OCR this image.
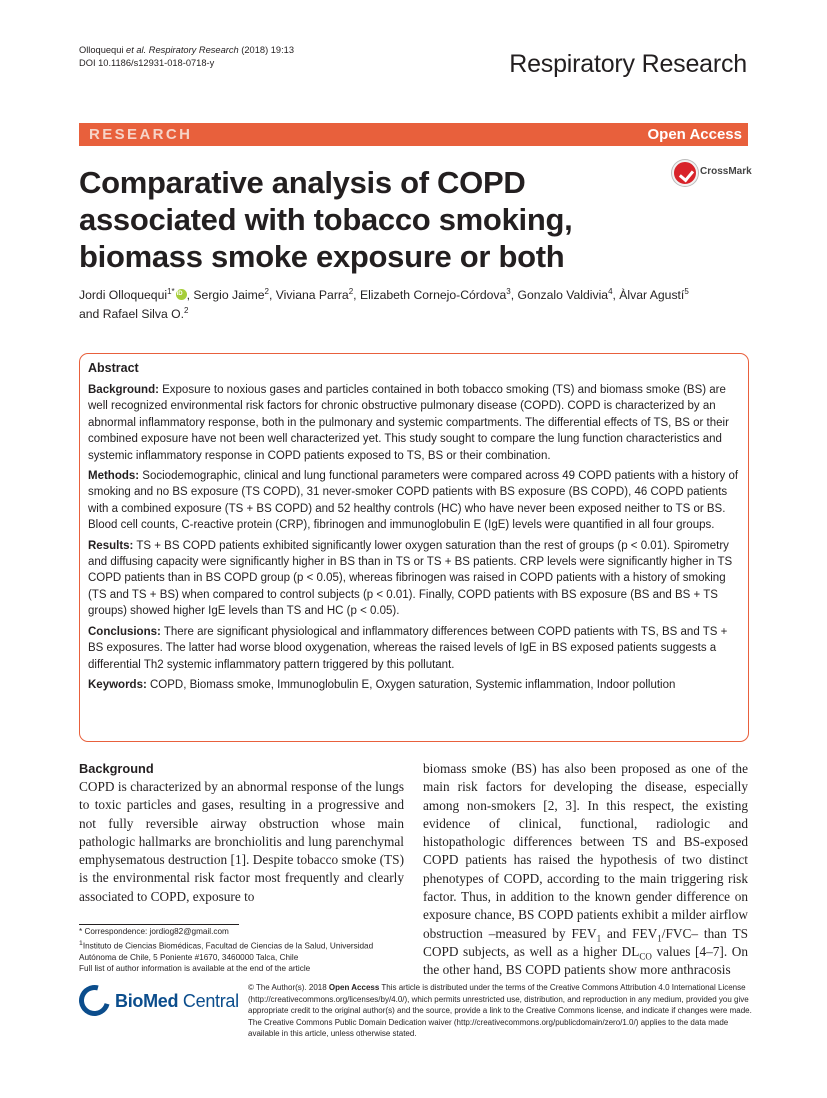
Olloquequi et al. Respiratory Research (2018) 19:13
DOI 10.1186/s12931-018-0718-y	Respiratory Research
RESEARCH	Open Access
CrossMark
Comparative analysis of COPD associated with tobacco smoking, biomass smoke exposure or both
Jordi Olloquequi$^{1*}$iD , Sergio Jaime$^2$, Viviana Parra$^2$, Elizabeth Cornejo-Córdova$^3$, Gonzalo Valdivia$^4$, Àlvar Agustí$^5$
and Rafael Silva O.$^2$
Abstract

Background: Exposure to noxious gases and particles contained in both tobacco smoking (TS) and biomass smoke (BS) are well recognized environmental risk factors for chronic obstructive pulmonary disease (COPD). COPD is characterized by an abnormal inflammatory response, both in the pulmonary and systemic compartments. The differential effects of TS, BS or their combined exposure have not been well characterized yet. This study sought to compare the lung function characteristics and systemic inflammatory response in COPD patients exposed to TS, BS or their combination.

Methods: Sociodemographic, clinical and lung functional parameters were compared across 49 COPD patients with a history of smoking and no BS exposure (TS COPD), 31 never-smoker COPD patients with BS exposure (BS COPD), 46 COPD patients with a combined exposure (TS + BS COPD) and 52 healthy controls (HC) who have never been exposed neither to TS or BS. Blood cell counts, C-reactive protein (CRP), fibrinogen and immunoglobulin E (IgE) levels were quantified in all four groups.

Results: TS + BS COPD patients exhibited significantly lower oxygen saturation than the rest of groups (p < 0.01). Spirometry and diffusing capacity were significantly higher in BS than in TS or TS + BS patients. CRP levels were significantly higher in TS COPD patients than in BS COPD group (p < 0.05), whereas fibrinogen was raised in COPD patients with a history of smoking (TS and TS + BS) when compared to control subjects (p < 0.01). Finally, COPD patients with BS exposure (BS and BS + TS groups) showed higher IgE levels than TS and HC (p < 0.05).

Conclusions: There are significant physiological and inflammatory differences between COPD patients with TS, BS and TS + BS exposures. The latter had worse blood oxygenation, whereas the raised levels of IgE in BS exposed patients suggests a differential Th2 systemic inflammatory pattern triggered by this pollutant.

Keywords: COPD, Biomass smoke, Immunoglobulin E, Oxygen saturation, Systemic inflammation, Indoor pollution

Background

COPD is characterized by an abnormal response of the lungs to toxic particles and gases, resulting in a progressive and not fully reversible airway obstruction whose main pathologic hallmarks are bronchiolitis and lung parenchymal emphysematous destruction [1]. Despite tobacco smoke (TS) is the environmental risk factor most frequently and clearly associated to COPD, exposure to

biomass smoke (BS) has also been proposed as one of the main risk factors for developing the disease, especially among non-smokers [2, 3]. In this respect, the existing evidence of clinical, functional, radiologic and histopathologic differences between TS and BS-exposed COPD patients has raised the hypothesis of two distinct phenotypes of COPD, according to the main triggering risk factor. Thus, in addition to the known gender difference on exposure chance, BS COPD patients exhibit a milder airflow obstruction –measured by $FEV_1$ and $FEV_1/FVC-$ than TS COPD subjects, as well as a higher $DL_{CO}$ values [4–7]. On the other hand, BS COPD patients show more anthracosis

* Correspondence: jordiog82@gmail.com
$^1$Instituto de Ciencias Biomédicas, Facultad de Ciencias de la Salud, Universidad Autónoma de Chile, 5 Poniente #1670, 3460000 Talca, Chile
Full list of author information is available at the end of the article
BioMed Central
© The Author(s). 2018 Open Access This article is distributed under the terms of the Creative Commons Attribution 4.0 International License (http://creativecommons.org/licenses/by/4.0/), which permits unrestricted use, distribution, and reproduction in any medium, provided you give appropriate credit to the original author(s) and the source, provide a link to the Creative Commons license, and indicate if changes were made. The Creative Commons Public Domain Dedication waiver (http://creativecommons.org/publicdomain/zero/1.0/) applies to the data made available in this article, unless otherwise stated.
